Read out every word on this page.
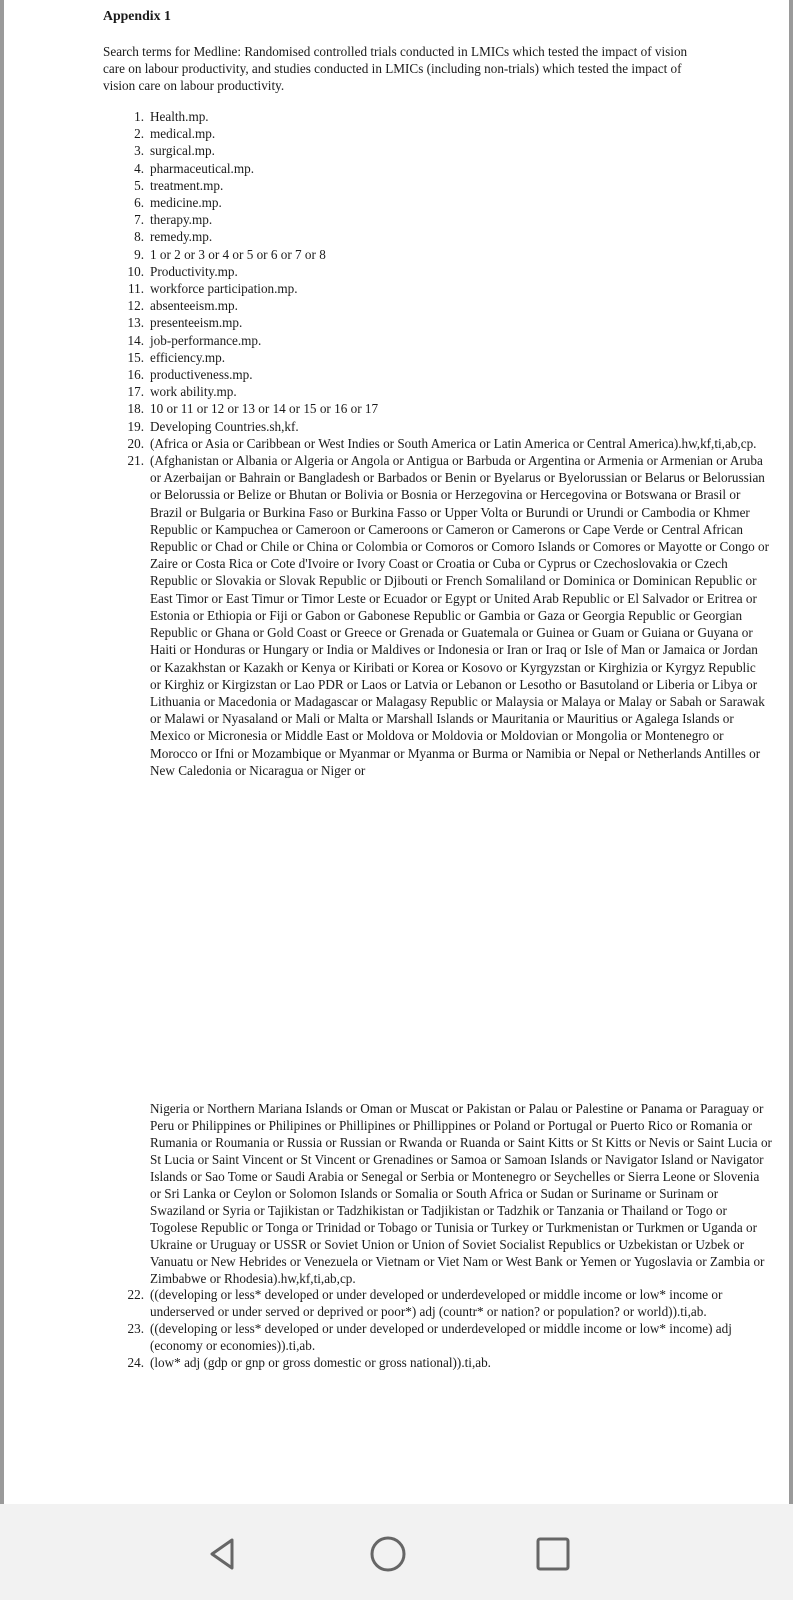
Appendix 1
Search terms for Medline: Randomised controlled trials conducted in LMICs which tested the impact of vision care on labour productivity, and studies conducted in LMICs (including non-trials) which tested the impact of vision care on labour productivity.
1. Health.mp.
2. medical.mp.
3. surgical.mp.
4. pharmaceutical.mp.
5. treatment.mp.
6. medicine.mp.
7. therapy.mp.
8. remedy.mp.
9. 1 or 2 or 3 or 4 or 5 or 6 or 7 or 8
10. Productivity.mp.
11. workforce participation.mp.
12. absenteeism.mp.
13. presenteeism.mp.
14. job-performance.mp.
15. efficiency.mp.
16. productiveness.mp.
17. work ability.mp.
18. 10 or 11 or 12 or 13 or 14 or 15 or 16 or 17
19. Developing Countries.sh,kf.
20. (Africa or Asia or Caribbean or West Indies or South America or Latin America or Central America).hw,kf,ti,ab,cp.
21. (Afghanistan or Albania or Algeria or Angola or Antigua or Barbuda or Argentina or Armenia or Armenian or Aruba or Azerbaijan or Bahrain or Bangladesh or Barbados or Benin or Byelarus or Byelorussian or Belarus or Belorussian or Belorussia or Belize or Bhutan or Bolivia or Bosnia or Herzegovina or Hercegovina or Botswana or Brasil or Brazil or Bulgaria or Burkina Faso or Burkina Fasso or Upper Volta or Burundi or Urundi or Cambodia or Khmer Republic or Kampuchea or Cameroon or Cameroons or Cameron or Camerons or Cape Verde or Central African Republic or Chad or Chile or China or Colombia or Comoros or Comoro Islands or Comores or Mayotte or Congo or Zaire or Costa Rica or Cote d'Ivoire or Ivory Coast or Croatia or Cuba or Cyprus or Czechoslovakia or Czech Republic or Slovakia or Slovak Republic or Djibouti or French Somaliland or Dominica or Dominican Republic or East Timor or East Timur or Timor Leste or Ecuador or Egypt or United Arab Republic or El Salvador or Eritrea or Estonia or Ethiopia or Fiji or Gabon or Gabonese Republic or Gambia or Gaza or Georgia Republic or Georgian Republic or Ghana or Gold Coast or Greece or Grenada or Guatemala or Guinea or Guam or Guiana or Guyana or Haiti or Honduras or Hungary or India or Maldives or Indonesia or Iran or Iraq or Isle of Man or Jamaica or Jordan or Kazakhstan or Kazakh or Kenya or Kiribati or Korea or Kosovo or Kyrgyzstan or Kirghizia or Kyrgyz Republic or Kirghiz or Kirgizstan or Lao PDR or Laos or Latvia or Lebanon or Lesotho or Basutoland or Liberia or Libya or Lithuania or Macedonia or Madagascar or Malagasy Republic or Malaysia or Malaya or Malay or Sabah or Sarawak or Malawi or Nyasaland or Mali or Malta or Marshall Islands or Mauritania or Mauritius or Agalega Islands or Mexico or Micronesia or Middle East or Moldova or Moldovia or Moldovian or Mongolia or Montenegro or Morocco or Ifni or Mozambique or Myanmar or Myanma or Burma or Namibia or Nepal or Netherlands Antilles or New Caledonia or Nicaragua or Niger or
Nigeria or Northern Mariana Islands or Oman or Muscat or Pakistan or Palau or Palestine or Panama or Paraguay or Peru or Philippines or Philipines or Phillipines or Phillippines or Poland or Portugal or Puerto Rico or Romania or Rumania or Roumania or Russia or Russian or Rwanda or Ruanda or Saint Kitts or St Kitts or Nevis or Saint Lucia or St Lucia or Saint Vincent or St Vincent or Grenadines or Samoa or Samoan Islands or Navigator Island or Navigator Islands or Sao Tome or Saudi Arabia or Senegal or Serbia or Montenegro or Seychelles or Sierra Leone or Slovenia or Sri Lanka or Ceylon or Solomon Islands or Somalia or South Africa or Sudan or Suriname or Surinam or Swaziland or Syria or Tajikistan or Tadzhikistan or Tadjikistan or Tadzhik or Tanzania or Thailand or Togo or Togolese Republic or Tonga or Trinidad or Tobago or Tunisia or Turkey or Turkmenistan or Turkmen or Uganda or Ukraine or Uruguay or USSR or Soviet Union or Union of Soviet Socialist Republics or Uzbekistan or Uzbek or Vanuatu or New Hebrides or Venezuela or Vietnam or Viet Nam or West Bank or Yemen or Yugoslavia or Zambia or Zimbabwe or Rhodesia).hw,kf,ti,ab,cp.
22. ((developing or less* developed or under developed or underdeveloped or middle income or low* income or underserved or under served or deprived or poor*) adj (countr* or nation? or population? or world)).ti,ab.
23. ((developing or less* developed or under developed or underdeveloped or middle income or low* income) adj (economy or economies)).ti,ab.
24. (low* adj (gdp or gnp or gross domestic or gross national)).ti,ab.
